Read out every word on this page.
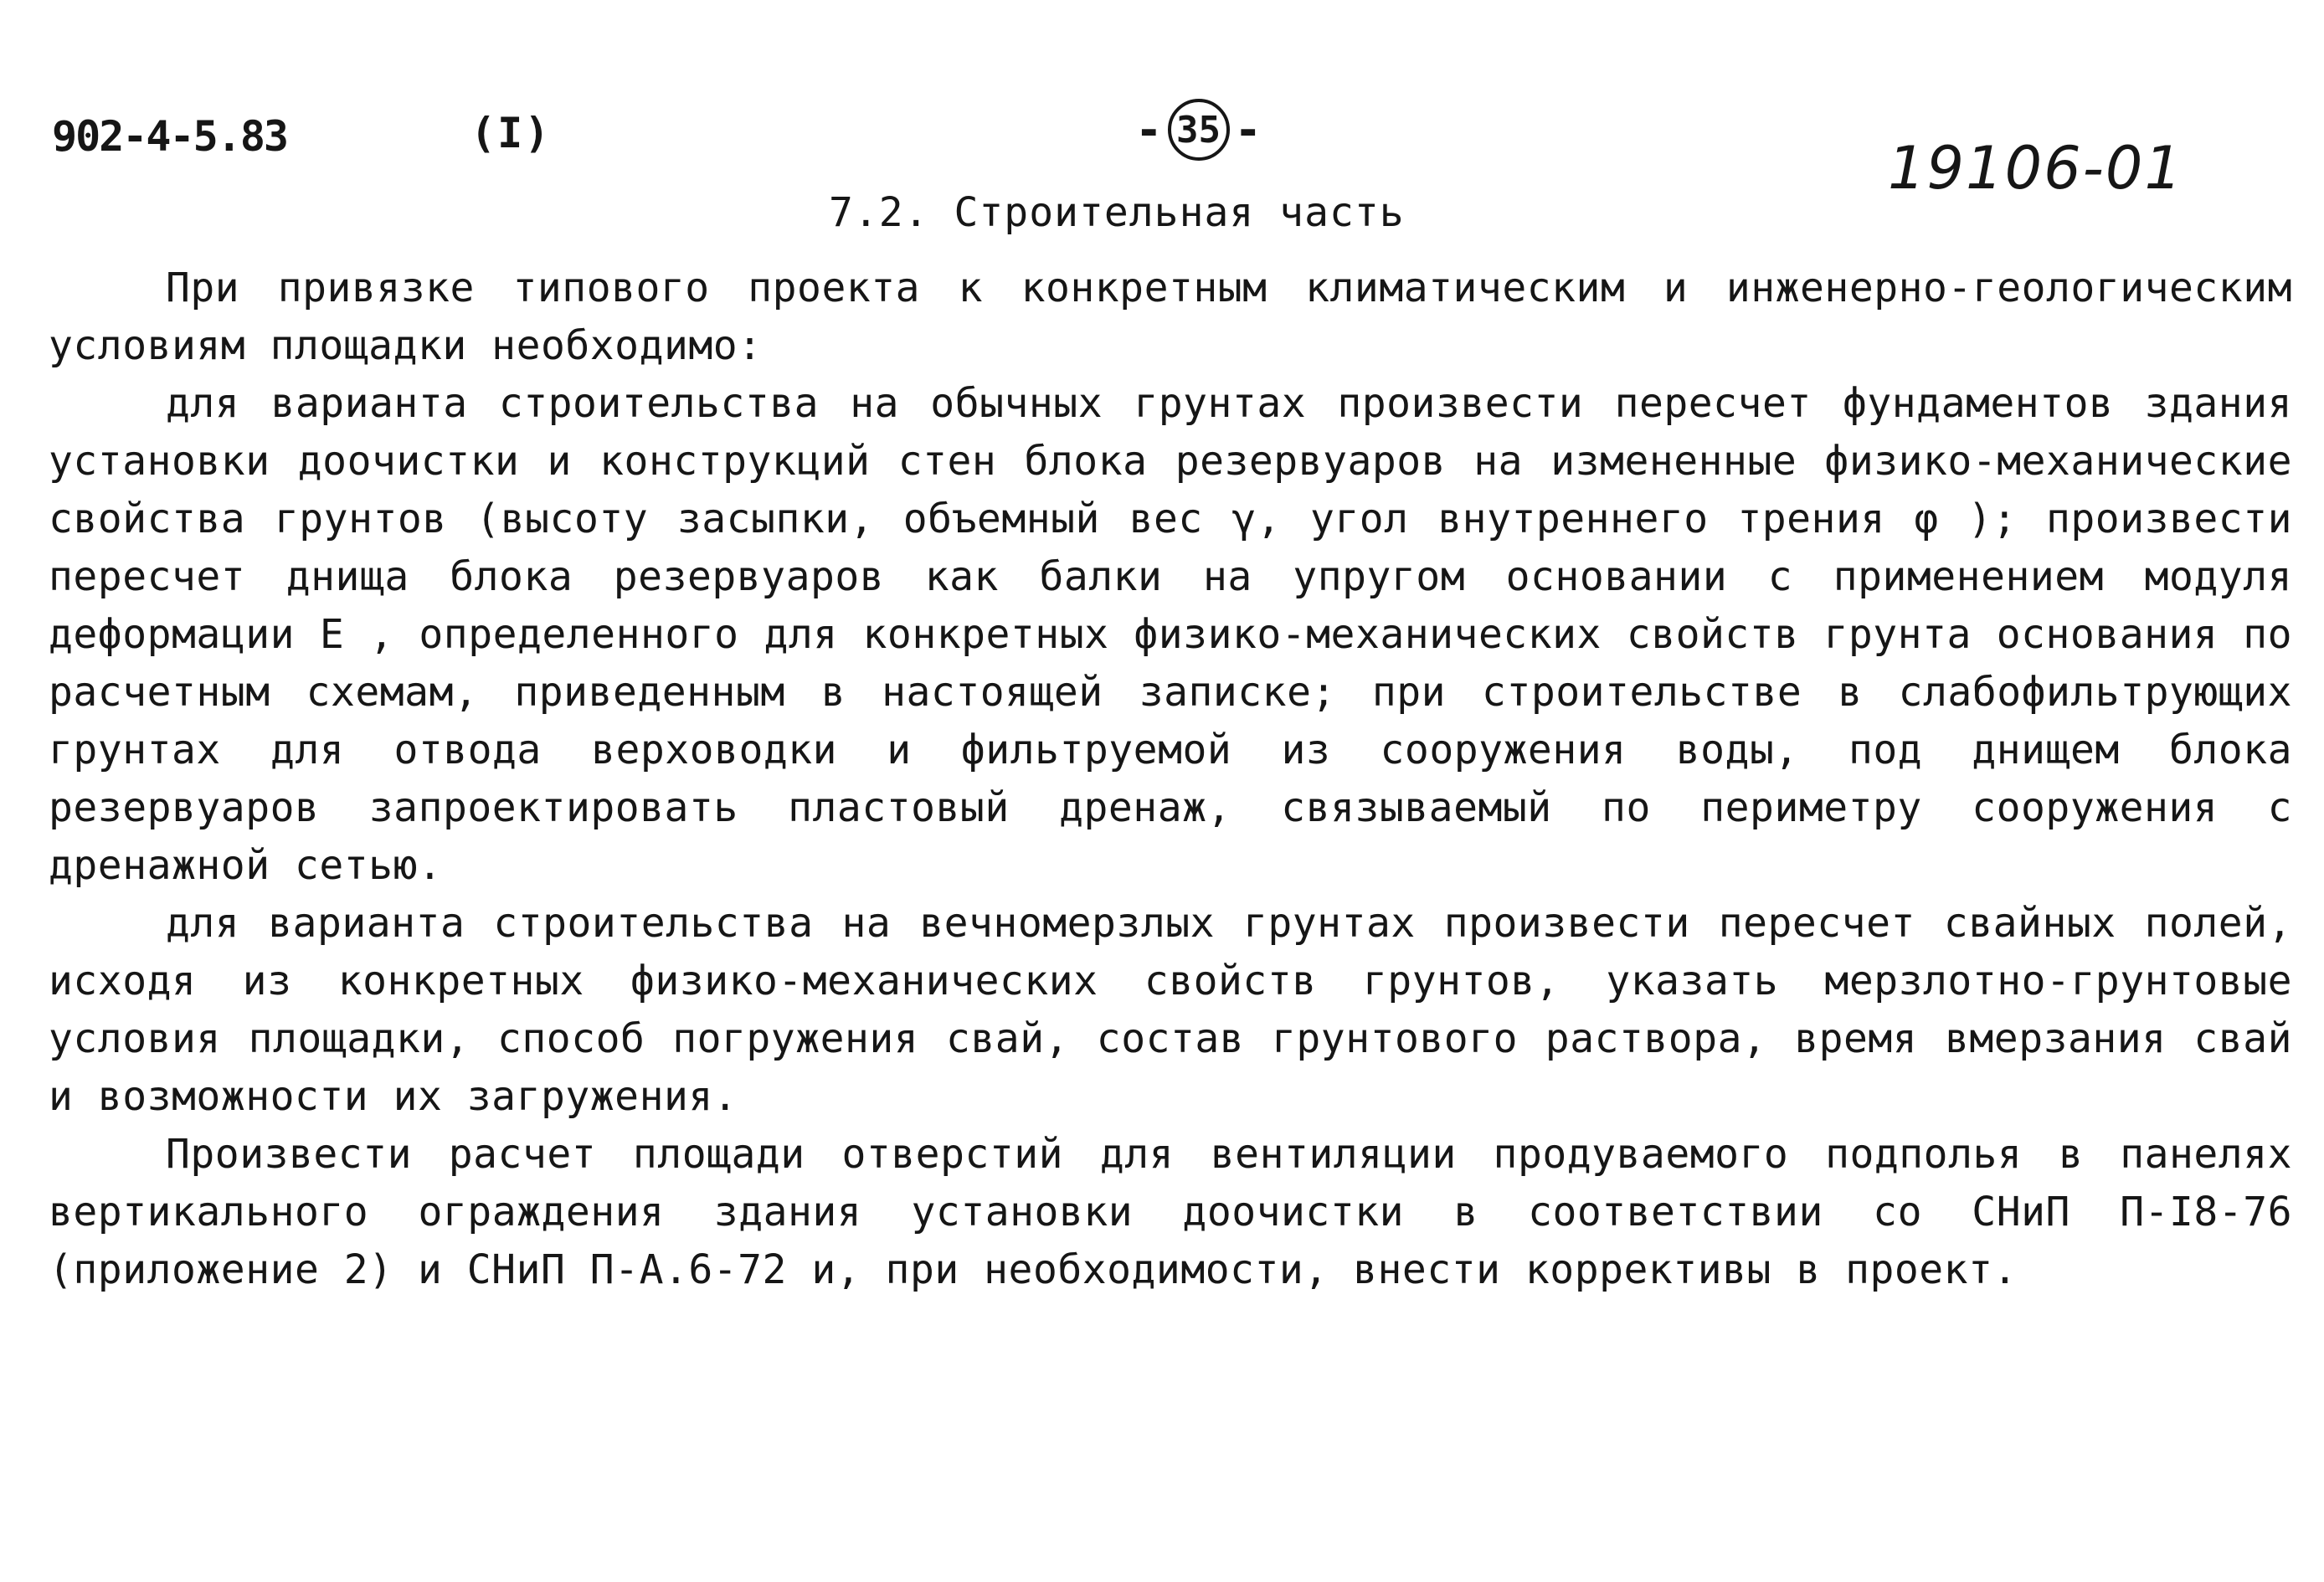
902-4-5.83	(I)	- 35 -
19106-01
7.2. Строительная часть

При привязке типового проекта к конкретным климатическим и инженерно-геологическим условиям площадки необходимо:

для варианта строительства на обычных грунтах произвести пересчет фундаментов здания установки доочистки и конструкций стен блока резервуаров на измененные физико-механические свойства грунтов (высоту засыпки, объемный вес γ, угол внутреннего трения φ ); произвести пересчет днища блока резервуаров как балки на упругом основании с применением модуля деформации E , определенного для конкретных физико-механических свойств грунта основания по расчетным схемам, приведенным в настоящей записке; при строительстве в слабофильтрующих грунтах для отвода верховодки и фильтруемой из сооружения воды, под днищем блока резервуаров запроектировать пластовый дренаж, связываемый по периметру сооружения с дренажной сетью.

для варианта строительства на вечномерзлых грунтах произвести пересчет свайных полей, исходя из конкретных физико-механических свойств грунтов, указать мерзлотно-грунтовые условия площадки, способ погружения свай, состав грунтового раствора, время вмерзания свай и возможности их загружения.

Произвести расчет площади отверстий для вентиляции продуваемого подполья в панелях вертикального ограждения здания установки доочистки в соответствии со СНиП П-I8-76 (приложение 2) и СНиП П-А.6-72 и, при необходимости, внести коррективы в проект.
